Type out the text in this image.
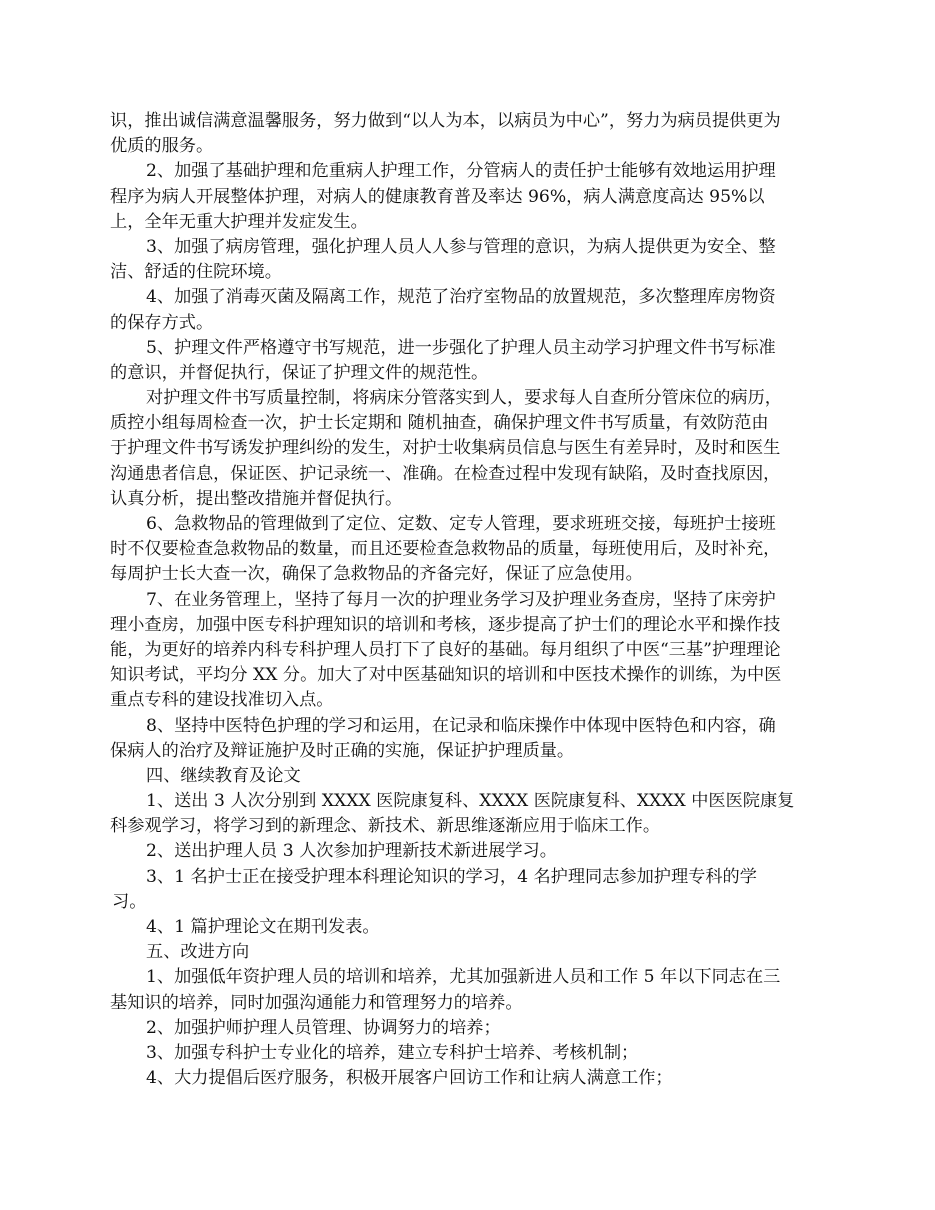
识，推出诚信满意温馨服务，努力做到“以人为本，以病员为中心”，努力为病员提供更为
优质的服务。
2、加强了基础护理和危重病人护理工作，分管病人的责任护士能够有效地运用护理
程序为病人开展整体护理，对病人的健康教育普及率达 96%，病人满意度高达 95%以
上，全年无重大护理并发症发生。
3、加强了病房管理，强化护理人员人人参与管理的意识，为病人提供更为安全、整
洁、舒适的住院环境。
4、加强了消毒灭菌及隔离工作，规范了治疗室物品的放置规范，多次整理库房物资
的保存方式。
5、护理文件严格遵守书写规范，进一步强化了护理人员主动学习护理文件书写标准
的意识，并督促执行，保证了护理文件的规范性。
对护理文件书写质量控制，将病床分管落实到人，要求每人自查所分管床位的病历，
质控小组每周检查一次，护士长定期和 随机抽查，确保护理文件书写质量，有效防范由
于护理文件书写诱发护理纠纷的发生，对护士收集病员信息与医生有差异时，及时和医生
沟通患者信息，保证医、护记录统一、准确。在检查过程中发现有缺陷，及时查找原因，
认真分析，提出整改措施并督促执行。
6、急救物品的管理做到了定位、定数、定专人管理，要求班班交接，每班护士接班
时不仅要检查急救物品的数量，而且还要检查急救物品的质量，每班使用后，及时补充，
每周护士长大查一次，确保了急救物品的齐备完好，保证了应急使用。
7、在业务管理上，坚持了每月一次的护理业务学习及护理业务查房，坚持了床旁护
理小查房，加强中医专科护理知识的培训和考核，逐步提高了护士们的理论水平和操作技
能，为更好的培养内科专科护理人员打下了良好的基础。每月组织了中医“三基”护理理论
知识考试，平均分 XX 分。加大了对中医基础知识的培训和中医技术操作的训练，为中医
重点专科的建设找准切入点。
8、坚持中医特色护理的学习和运用，在记录和临床操作中体现中医特色和内容，确
保病人的治疗及辩证施护及时正确的实施，保证护护理质量。
四、继续教育及论文
1、送出 3 人次分别到 XXXX 医院康复科、XXXX 医院康复科、XXXX 中医医院康复
科参观学习，将学习到的新理念、新技术、新思维逐渐应用于临床工作。
2、送出护理人员 3 人次参加护理新技术新进展学习。
3、1 名护士正在接受护理本科理论知识的学习，4 名护理同志参加护理专科的学
习。
4、1 篇护理论文在期刊发表。
五、改进方向
1、加强低年资护理人员的培训和培养，尤其加强新进人员和工作 5 年以下同志在三
基知识的培养，同时加强沟通能力和管理努力的培养。
2、加强护师护理人员管理、协调努力的培养；
3、加强专科护士专业化的培养，建立专科护士培养、考核机制；
4、大力提倡后医疗服务，积极开展客户回访工作和让病人满意工作；
